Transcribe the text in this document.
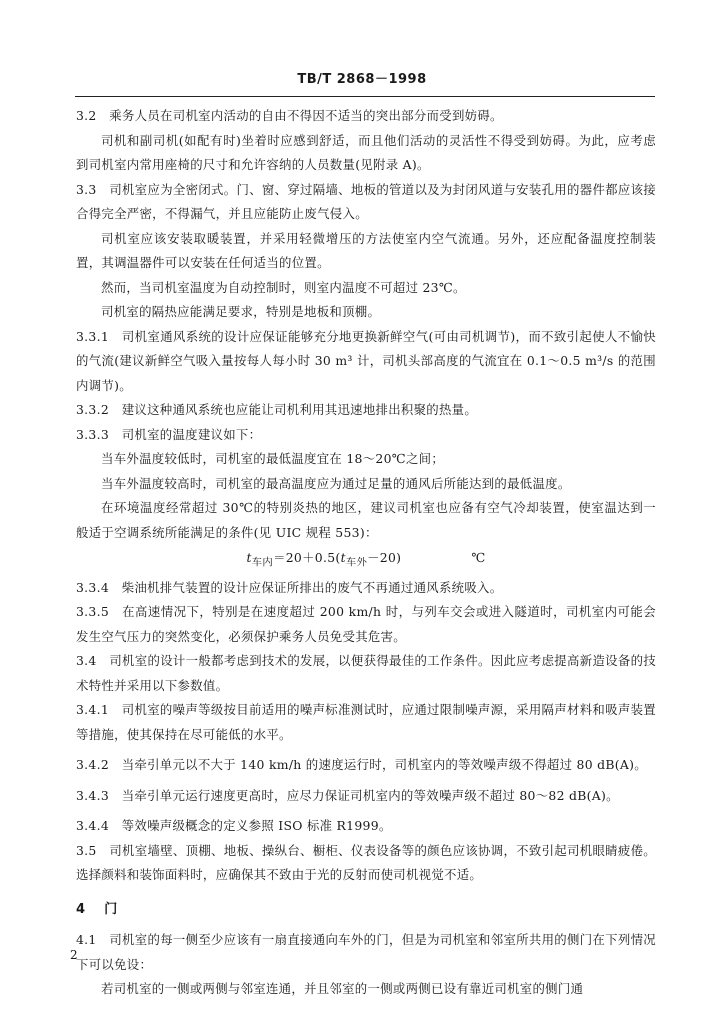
TB/T 2868－1998

3.2　乘务人员在司机室内活动的自由不得因不适当的突出部分而受到妨碍。

司机和副司机(如配有时)坐着时应感到舒适，而且他们活动的灵活性不得受到妨碍。为此，应考虑到司机室内常用座椅的尺寸和允许容纳的人员数量(见附录 A)。

3.3　司机室应为全密闭式。门、窗、穿过隔墙、地板的管道以及为封闭风道与安装孔用的器件都应该接合得完全严密，不得漏气，并且应能防止废气侵入。

司机室应该安装取暖装置，并采用轻微增压的方法使室内空气流通。另外，还应配备温度控制装置，其调温器件可以安装在任何适当的位置。

然而，当司机室温度为自动控制时，则室内温度不可超过 23℃。

司机室的隔热应能满足要求，特别是地板和顶棚。

3.3.1　司机室通风系统的设计应保证能够充分地更换新鲜空气(可由司机调节)，而不致引起使人不愉快的气流(建议新鲜空气吸入量按每人每小时 30 m³ 计，司机头部高度的气流宜在 0.1～0.5 m³/s 的范围内调节)。

3.3.2　建议这种通风系统也应能让司机利用其迅速地排出积聚的热量。

3.3.3　司机室的温度建议如下：

当车外温度较低时，司机室的最低温度宜在 18～20℃之间；

当车外温度较高时，司机室的最高温度应为通过足量的通风后所能达到的最低温度。

在环境温度经常超过 30℃的特别炎热的地区，建议司机室也应备有空气冷却装置，使室温达到一般适于空调系统所能满足的条件(见 UIC 规程 553)：

$t_{车内}=20+0.5(t_{车外}-20)$	℃

3.3.4　柴油机排气装置的设计应保证所排出的废气不再通过通风系统吸入。

3.3.5　在高速情况下，特别是在速度超过 200 km/h 时，与列车交会或进入隧道时，司机室内可能会发生空气压力的突然变化，必须保护乘务人员免受其危害。

3.4　司机室的设计一般都考虑到技术的发展，以便获得最佳的工作条件。因此应考虑提高新造设备的技术特性并采用以下参数值。

3.4.1　司机室的噪声等级按目前适用的噪声标准测试时，应通过限制噪声源，采用隔声材料和吸声装置等措施，使其保持在尽可能低的水平。

3.4.2　当牵引单元以不大于 140 km/h 的速度运行时，司机室内的等效噪声级不得超过 80 dB(A)。

3.4.3　当牵引单元运行速度更高时，应尽力保证司机室内的等效噪声级不超过 80～82 dB(A)。

3.4.4　等效噪声级概念的定义参照 ISO 标准 R1999。

3.5　司机室墙壁、顶棚、地板、操纵台、橱柜、仪表设备等的颜色应该协调，不致引起司机眼睛疲倦。选择颜料和装饰面料时，应确保其不致由于光的反射而使司机视觉不适。

4 门

4.1　司机室的每一侧至少应该有一扇直接通向车外的门，但是为司机室和邻室所共用的侧门在下列情况下可以免设：

若司机室的一侧或两侧与邻室连通，并且邻室的一侧或两侧已设有靠近司机室的侧门通

2
